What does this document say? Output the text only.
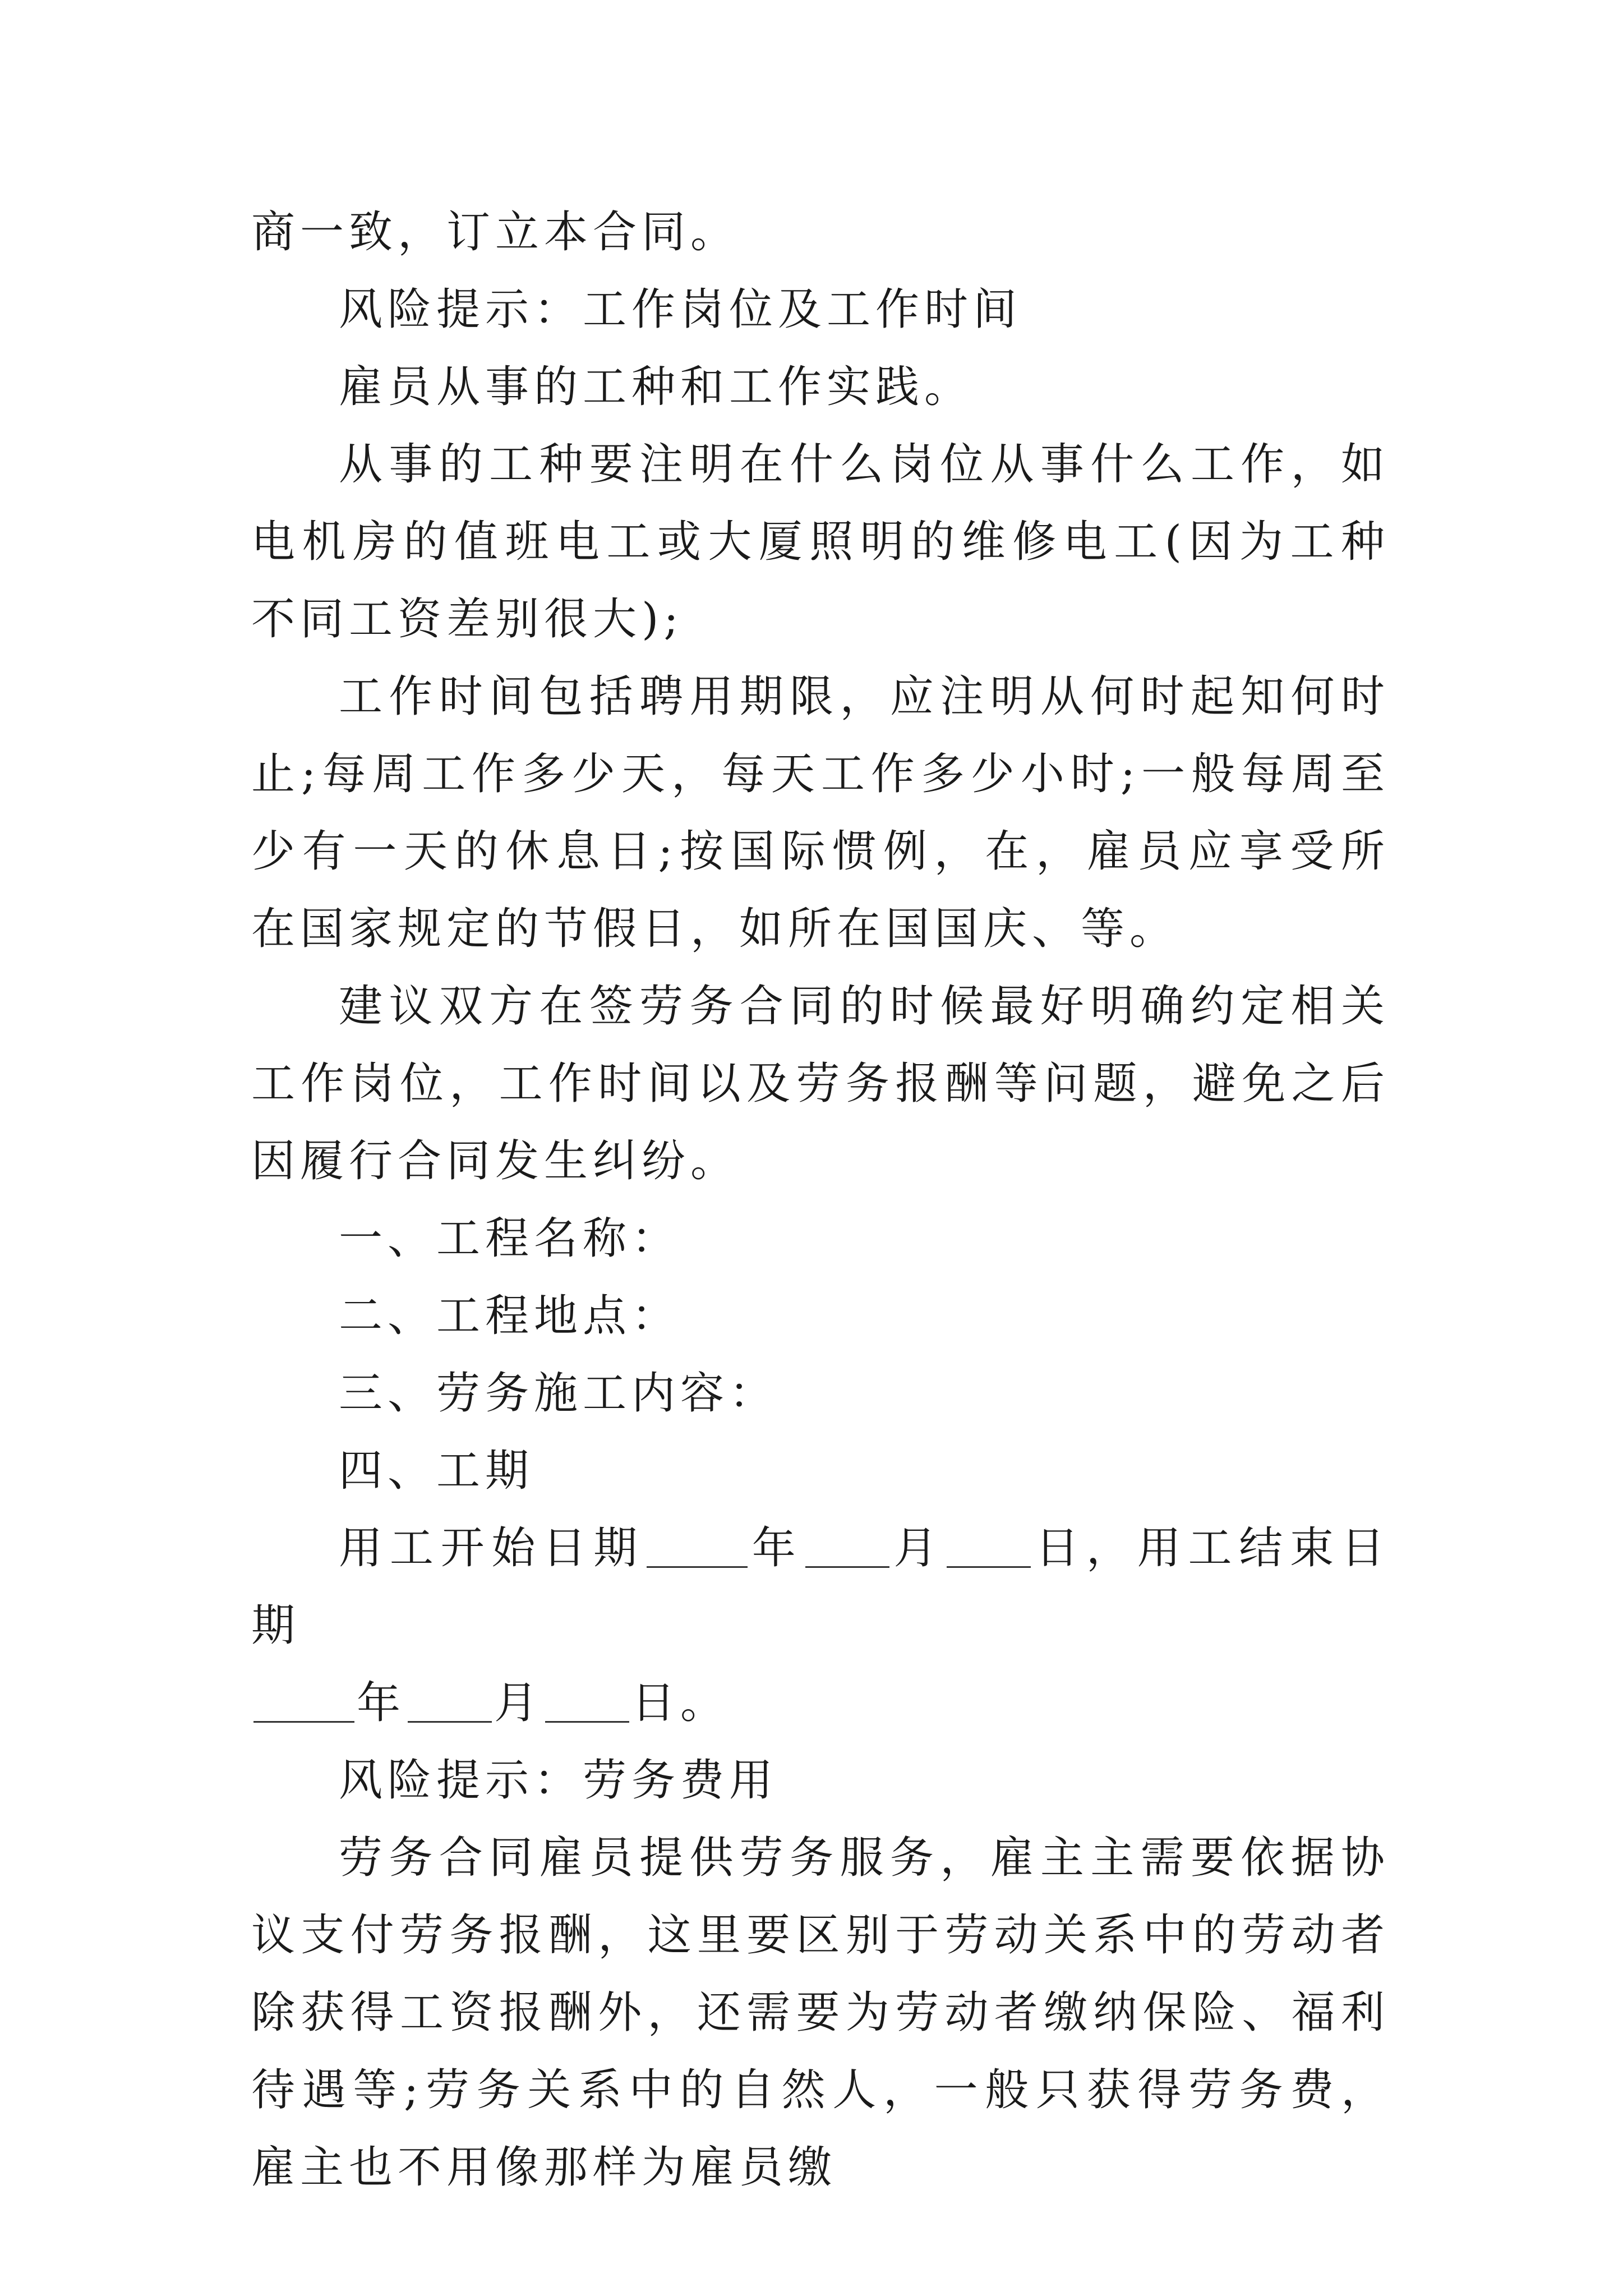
商一致，订立本合同。

风险提示：工作岗位及工作时间

雇员从事的工种和工作实践。

从事的工种要注明在什么岗位从事什么工作，如电机房的值班电工或大厦照明的维修电工(因为工种不同工资差别很大);

工作时间包括聘用期限，应注明从何时起知何时止;每周工作多少天，每天工作多少小时;一般每周至少有一天的休息日;按国际惯例，在，雇员应享受所在国家规定的节假日，如所在国国庆、等。

建议双方在签劳务合同的时候最好明确约定相关工作岗位，工作时间以及劳务报酬等问题，避免之后因履行合同发生纠纷。

一、工程名称：

二、工程地点：

三、劳务施工内容：

四、工期

用工开始日期 年 月 日，用工结束日期
年 月 日。

风险提示：劳务费用

劳务合同雇员提供劳务服务，雇主主需要依据协议支付劳务报酬，这里要区别于劳动关系中的劳动者除获得工资报酬外，还需要为劳动者缴纳保险、福利待遇等;劳务关系中的自然人，一般只获得劳务费，雇主也不用像那样为雇员缴
